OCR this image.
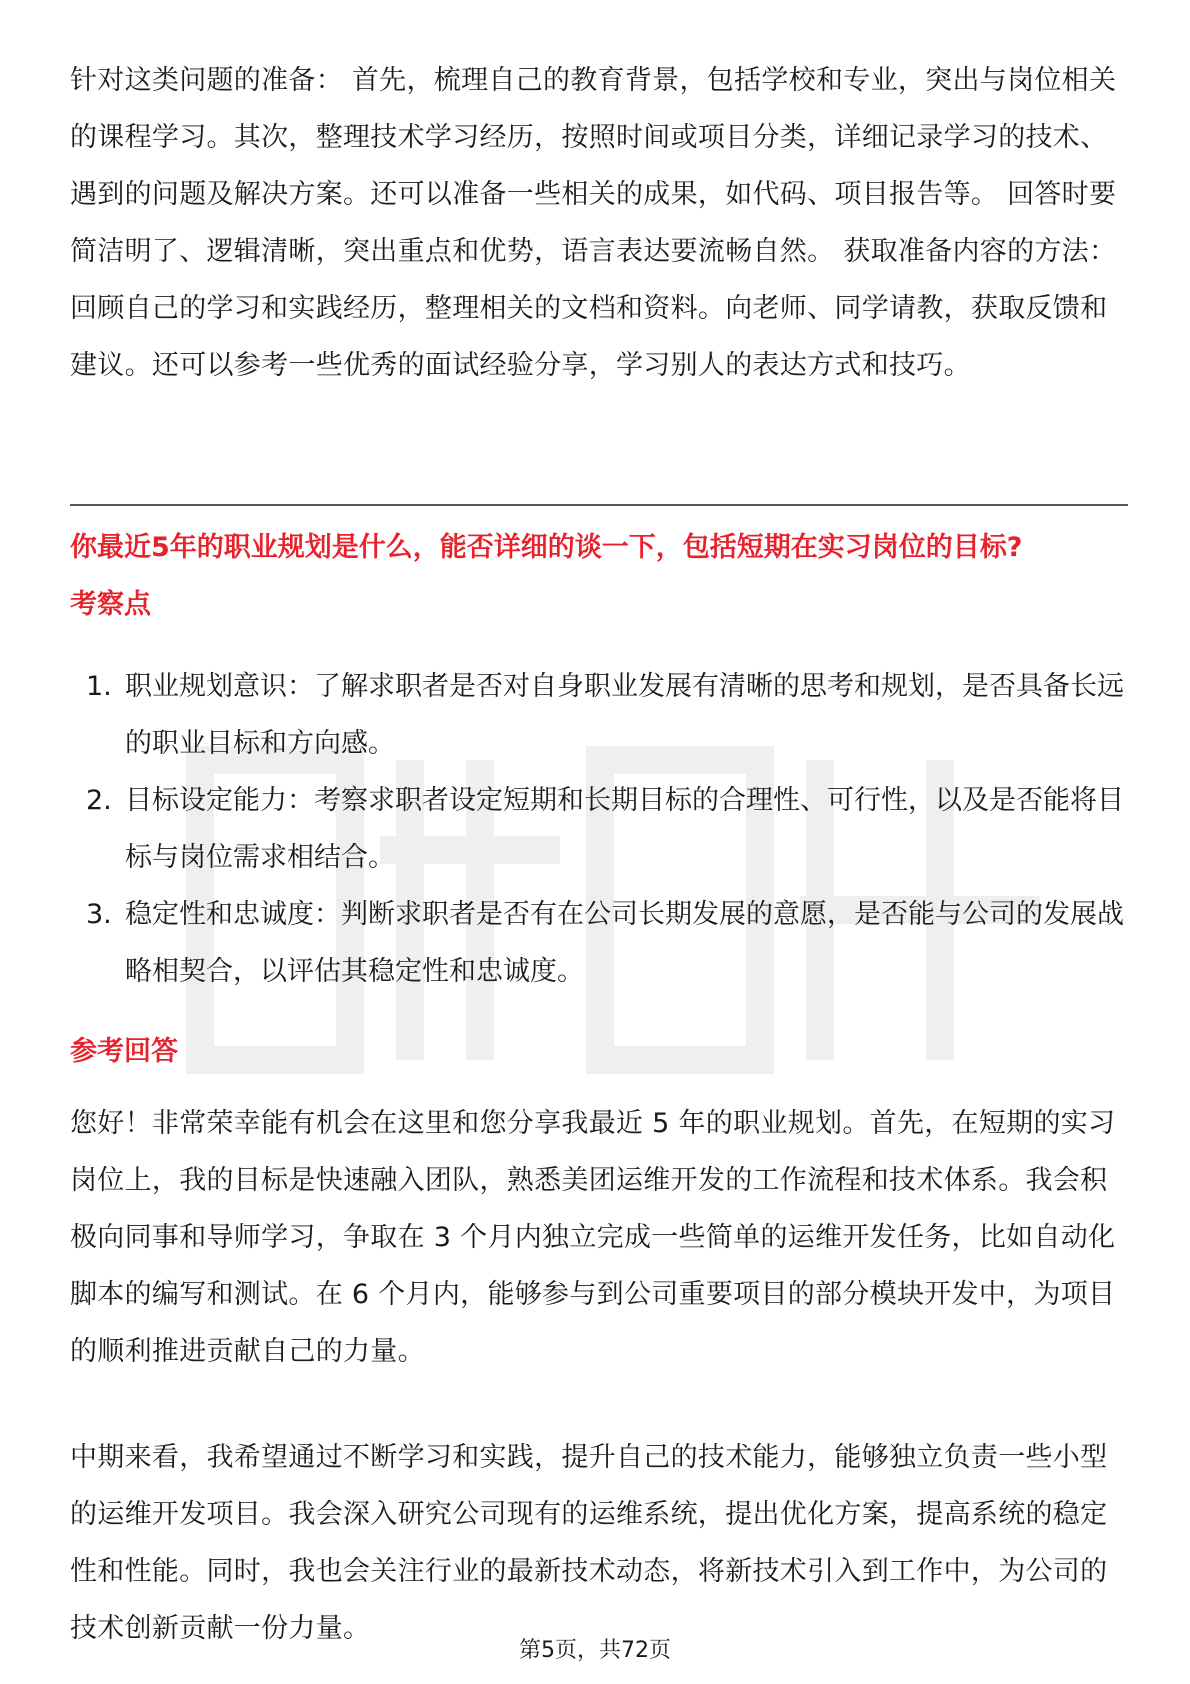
针对这类问题的准备： 首先，梳理自己的教育背景，包括学校和专业，突出与岗位相关的课程学习。其次，整理技术学习经历，按照时间或项目分类，详细记录学习的技术、遇到的问题及解决方案。还可以准备一些相关的成果，如代码、项目报告等。 回答时要简洁明了、逻辑清晰，突出重点和优势，语言表达要流畅自然。 获取准备内容的方法：回顾自己的学习和实践经历，整理相关的文档和资料。向老师、同学请教，获取反馈和建议。还可以参考一些优秀的面试经验分享，学习别人的表达方式和技巧。

你最近5年的职业规划是什么，能否详细的谈一下，包括短期在实习岗位的目标?

考察点

1. 职业规划意识：了解求职者是否对自身职业发展有清晰的思考和规划，是否具备长远的职业目标和方向感。
2. 目标设定能力：考察求职者设定短期和长期目标的合理性、可行性，以及是否能将目标与岗位需求相结合。
3. 稳定性和忠诚度：判断求职者是否有在公司长期发展的意愿，是否能与公司的发展战略相契合，以评估其稳定性和忠诚度。

参考回答

您好！非常荣幸能有机会在这里和您分享我最近 5 年的职业规划。首先，在短期的实习岗位上，我的目标是快速融入团队，熟悉美团运维开发的工作流程和技术体系。我会积极向同事和导师学习，争取在 3 个月内独立完成一些简单的运维开发任务，比如自动化脚本的编写和测试。在 6 个月内，能够参与到公司重要项目的部分模块开发中，为项目的顺利推进贡献自己的力量。

中期来看，我希望通过不断学习和实践，提升自己的技术能力，能够独立负责一些小型的运维开发项目。我会深入研究公司现有的运维系统，提出优化方案，提高系统的稳定性和性能。同时，我也会关注行业的最新技术动态，将新技术引入到工作中，为公司的技术创新贡献一份力量。

第5页，共72页
